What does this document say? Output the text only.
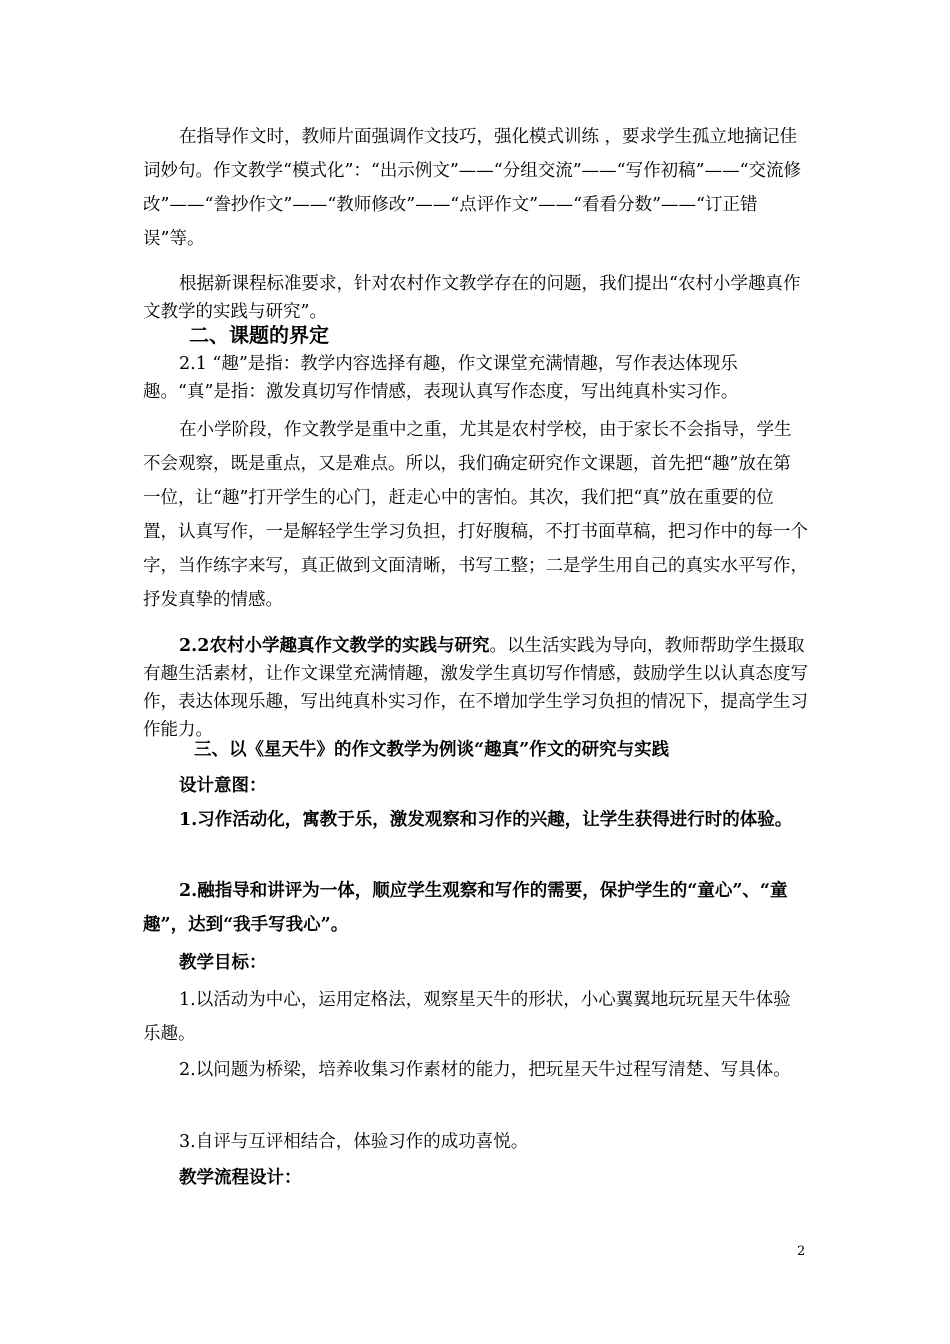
在指导作文时，教师片面强调作文技巧，强化模式训练 ，要求学生孤立地摘记佳词妙句。作文教学“模式化”：“出示例文”——“分组交流”——“写作初稿”——“交流修改”——“誊抄作文”——“教师修改”——“点评作文”——“看看分数”——“订正错误”等。

根据新课程标准要求，针对农村作文教学存在的问题，我们提出“农村小学趣真作文教学的实践与研究”。

二、课题的界定

2.1 “趣”是指：教学内容选择有趣，作文课堂充满情趣，写作表达体现乐趣。“真”是指：激发真切写作情感，表现认真写作态度，写出纯真朴实习作。

在小学阶段，作文教学是重中之重，尤其是农村学校，由于家长不会指导，学生不会观察，既是重点，又是难点。所以，我们确定研究作文课题，首先把“趣”放在第一位，让“趣”打开学生的心门，赶走心中的害怕。其次，我们把“真”放在重要的位置，认真写作，一是解轻学生学习负担，打好腹稿，不打书面草稿，把习作中的每一个字，当作练字来写，真正做到文面清晰，书写工整；二是学生用自己的真实水平写作，抒发真挚的情感。

2.2农村小学趣真作文教学的实践与研究。以生活实践为导向，教师帮助学生摄取有趣生活素材，让作文课堂充满情趣，激发学生真切写作情感，鼓励学生以认真态度写作，表达体现乐趣，写出纯真朴实习作，在不增加学生学习负担的情况下，提高学生习作能力。

三、以《星天牛》的作文教学为例谈“趣真”作文的研究与实践

设计意图：

1.习作活动化，寓教于乐，激发观察和习作的兴趣，让学生获得进行时的体验。

2.融指导和讲评为一体，顺应学生观察和写作的需要，保护学生的“童心”、“童趣”，达到“我手写我心”。

教学目标：

1.以活动为中心，运用定格法，观察星天牛的形状，小心翼翼地玩玩星天牛体验乐趣。

2.以问题为桥梁，培养收集习作素材的能力，把玩星天牛过程写清楚、写具体。

3.自评与互评相结合，体验习作的成功喜悦。

教学流程设计：

2
